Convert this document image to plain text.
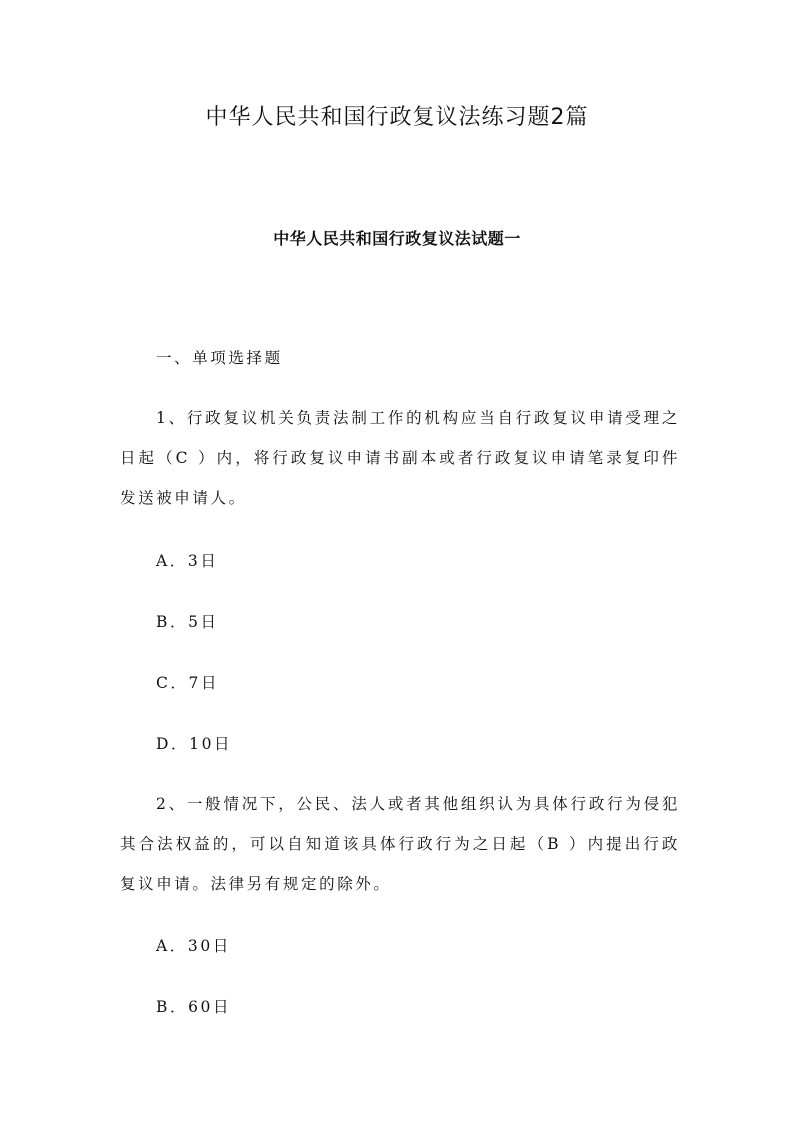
中华人民共和国行政复议法练习题2篇
中华人民共和国行政复议法试题一
一、单项选择题
1、行政复议机关负责法制工作的机构应当自行政复议申请受理之日起（C ）内，将行政复议申请书副本或者行政复议申请笔录复印件发送被申请人。
A．3日
B．5日
C．7日
D．10日
2、一般情况下，公民、法人或者其他组织认为具体行政行为侵犯其合法权益的，可以自知道该具体行政行为之日起（B ）内提出行政复议申请。法律另有规定的除外。
A．30日
B．60日
